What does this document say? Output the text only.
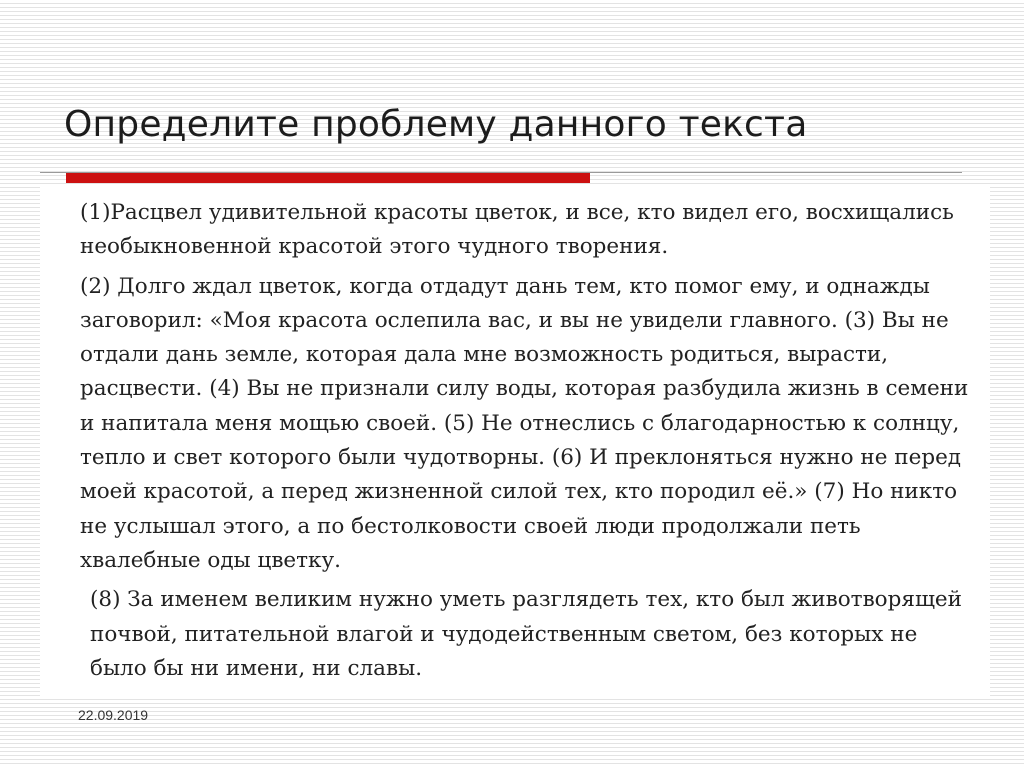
Определите проблему данного текста

(1)Расцвел удивительной красоты цветок, и все, кто видел его, восхищались необыкновенной красотой этого чудного творения.

(2) Долго ждал цветок, когда отдадут дань тем, кто помог ему, и однажды заговорил: «Моя красота ослепила вас, и вы не увидели главного. (3) Вы не отдали дань земле, которая дала мне возможность родиться, вырасти, расцвести. (4) Вы не признали силу воды, которая разбудила жизнь в семени и напитала меня мощью своей. (5) Не отнеслись с благодарностью к солнцу, тепло и свет которого были чудотворны. (6) И преклоняться нужно не перед моей красотой, а перед жизненной силой тех, кто породил её.» (7) Но никто не услышал этого, а по бестолковости своей люди продолжали петь хвалебные оды цветку.

(8) За именем великим нужно уметь разглядеть тех, кто был животворящей почвой, питательной влагой и чудодейственным светом, без которых не было бы ни имени, ни славы.

22.09.2019
